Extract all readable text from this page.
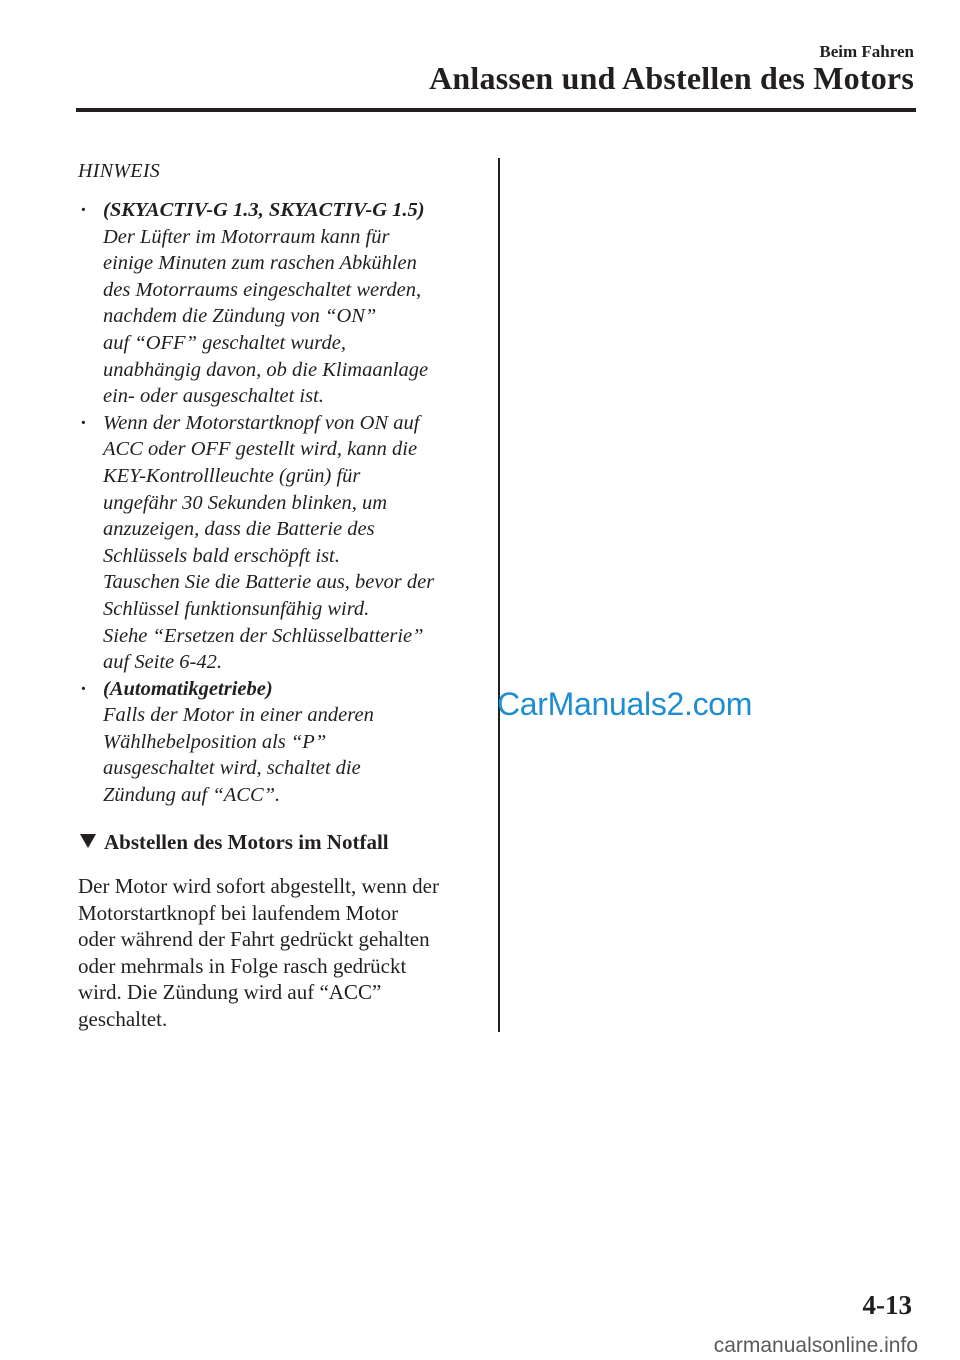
Beim Fahren
Anlassen und Abstellen des Motors
HINWEIS
· (SKYACTIV-G 1.3, SKYACTIV-G 1.5)
Der Lüfter im Motorraum kann für
einige Minuten zum raschen Abkühlen
des Motorraums eingeschaltet werden,
nachdem die Zündung von “ON”
auf “OFF” geschaltet wurde,
unabhängig davon, ob die Klimaanlage
ein- oder ausgeschaltet ist.
· Wenn der Motorstartknopf von ON auf
ACC oder OFF gestellt wird, kann die
KEY-Kontrollleuchte (grün) für
ungefähr 30 Sekunden blinken, um
anzuzeigen, dass die Batterie des
Schlüssels bald erschöpft ist.
Tauschen Sie die Batterie aus, bevor der
Schlüssel funktionsunfähig wird.
Siehe “Ersetzen der Schlüsselbatterie”
auf Seite 6-42.
· (Automatikgetriebe)
Falls der Motor in einer anderen
Wählhebelposition als “P”
ausgeschaltet wird, schaltet die
Zündung auf “ACC”.
Abstellen des Motors im Notfall
Der Motor wird sofort abgestellt, wenn der
Motorstartknopf bei laufendem Motor
oder während der Fahrt gedrückt gehalten
oder mehrmals in Folge rasch gedrückt
wird. Die Zündung wird auf “ACC”
geschaltet.
CarManuals2.com
4-13
carmanualsonline.info
